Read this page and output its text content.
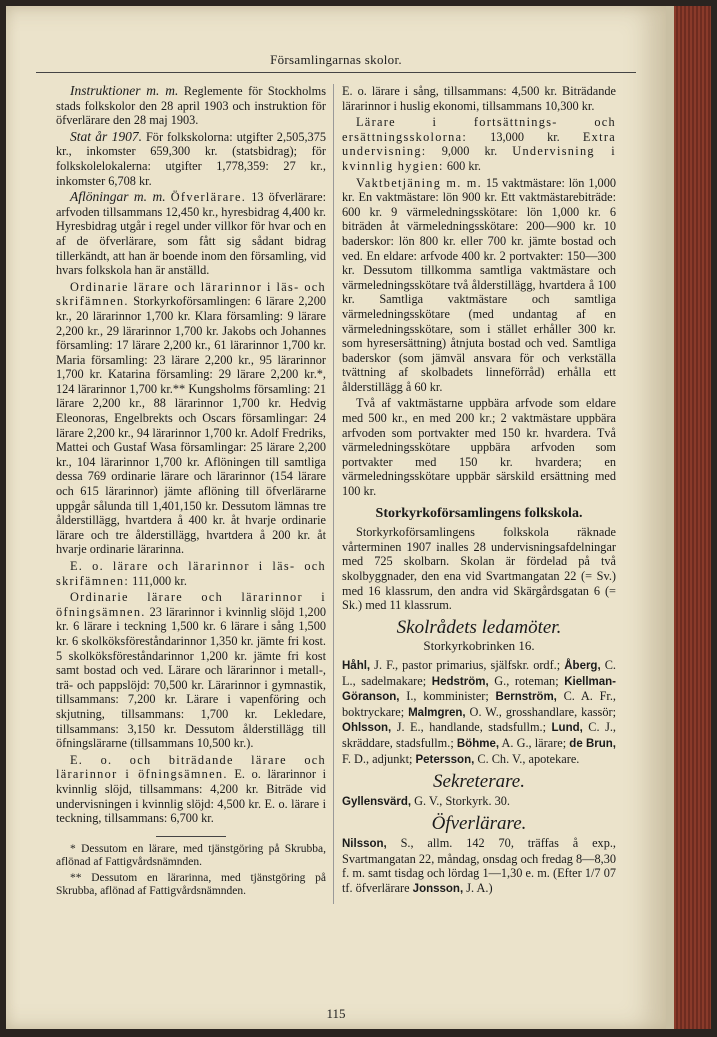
Församlingarnas skolor.

Instruktioner m. m. Reglemente för Stockholms stads folkskolor den 28 april 1903 och instruktion för öfverlärare den 28 maj 1903.

Stat år 1907. För folkskolorna: utgifter 2,505,375 kr., inkomster 659,300 kr. (statsbidrag); för folkskolelokalerna: utgifter 1,778,359: 27 kr., inkomster 6,708 kr.

Aflöningar m. m. Öfverlärare. 13 öfverlärare: arfvoden tillsammans 12,450 kr., hyresbidrag 4,400 kr. Hyresbidrag utgår i regel under villkor för hvar och en af de öfverlärare, som fått sig sådant bidrag tillerkändt, att han är boende inom den församling, vid hvars folkskola han är anställd.

Ordinarie lärare och lärarinnor i läs- och skrifämnen. Storkyrkoförsamlingen: 6 lärare 2,200 kr., 20 lärarinnor 1,700 kr. Klara församling: 9 lärare 2,200 kr., 29 lärarinnor 1,700 kr. Jakobs och Johannes församling: 17 lärare 2,200 kr., 61 lärarinnor 1,700 kr. Maria församling: 23 lärare 2,200 kr., 95 lärarinnor 1,700 kr. Katarina församling: 29 lärare 2,200 kr.*, 124 lärarinnor 1,700 kr.** Kungsholms församling: 21 lärare 2,200 kr., 88 lärarinnor 1,700 kr. Hedvig Eleonoras, Engelbrekts och Oscars församlingar: 24 lärare 2,200 kr., 94 lärarinnor 1,700 kr. Adolf Fredriks, Mattei och Gustaf Wasa församlingar: 25 lärare 2,200 kr., 104 lärarinnor 1,700 kr. Aflöningen till samtliga dessa 769 ordinarie lärare och lärarinnor (154 lärare och 615 lärarinnor) jämte aflöning till öfverlärarne uppgår sålunda till 1,401,150 kr. Dessutom lämnas tre ålderstillägg, hvartdera å 400 kr. åt hvarje ordinarie lärare och tre ålderstillägg, hvartdera å 200 kr. åt hvarje ordinarie lärarinna.

E. o. lärare och lärarinnor i läs- och skrifämnen: 111,000 kr.

Ordinarie lärare och lärarinnor i öfningsämnen. 23 lärarinnor i kvinnlig slöjd 1,200 kr. 6 lärare i teckning 1,500 kr. 6 lärare i sång 1,500 kr. 6 skolköksföreståndarinnor 1,350 kr. jämte fri kost. 5 skolköksföreståndarinnor 1,200 kr. jämte fri kost samt bostad och ved. Lärare och lärarinnor i metall-, trä- och pappslöjd: 70,500 kr. Lärarinnor i gymnastik, tillsammans: 7,200 kr. Lärare i vapenföring och skjutning, tillsammans: 1,700 kr. Lekledare, tillsammans: 3,150 kr. Dessutom ålderstillägg till öfningslärarne (tillsammans 10,500 kr.).

E. o. och biträdande lärare och lärarinnor i öfningsämnen. E. o. lärarinnor i kvinnlig slöjd, tillsammans: 4,200 kr. Biträde vid undervisningen i kvinnlig slöjd: 4,500 kr. E. o. lärare i teckning, tillsammans: 6,700 kr.

* Dessutom en lärare, med tjänstgöring på Skrubba, aflönad af Fattigvårdsnämnden.

** Dessutom en lärarinna, med tjänstgöring på Skrubba, aflönad af Fattigvårdsnämnden.

E. o. lärare i sång, tillsammans: 4,500 kr. Biträdande lärarinnor i huslig ekonomi, tillsammans 10,300 kr.

Lärare i fortsättnings- och ersättningsskolorna: 13,000 kr. Extra undervisning: 9,000 kr. Undervisning i kvinnlig hygien: 600 kr.

Vaktbetjäning m. m. 15 vaktmästare: lön 1,000 kr. En vaktmästare: lön 900 kr. Ett vaktmästarebiträde: 600 kr. 9 värmeledningsskötare: lön 1,000 kr. 6 biträden åt värmeledningsskötare: 200—900 kr. 10 baderskor: lön 800 kr. eller 700 kr. jämte bostad och ved. En eldare: arfvode 400 kr. 2 portvakter: 150—300 kr. Dessutom tillkomma samtliga vaktmästare och värmeledningsskötare två ålderstillägg, hvartdera å 100 kr. Samtliga vaktmästare och samtliga värmeledningsskötare (med undantag af en värmeledningsskötare, som i stället erhåller 300 kr. som hyresersättning) åtnjuta bostad och ved. Samtliga baderskor (som jämväl ansvara för och verkställa tvättning af skolbadets linneförråd) erhålla ett ålderstillägg å 60 kr.

Två af vaktmästarne uppbära arfvode som eldare med 500 kr., en med 200 kr.; 2 vaktmästare uppbära arfvoden som portvakter med 150 kr. hvardera. Två värmeledningsskötare uppbära arfvoden som portvakter med 150 kr. hvardera; en värmeledningsskötare uppbär särskild ersättning med 100 kr.

Storkyrkoförsamlingens folkskola.

Storkyrkoförsamlingens folkskola räknade vårterminen 1907 inalles 28 undervisningsafdelningar med 725 skolbarn. Skolan är fördelad på två skolbyggnader, den ena vid Svartmangatan 22 (= Sv.) med 16 klassrum, den andra vid Skärgårdsgatan 6 (= Sk.) med 11 klassrum.

Skolrådets ledamöter.

Storkyrkobrinken 16.

Håhl, J. F., pastor primarius, själfskr. ordf.; Åberg, C. L., sadelmakare; Hedström, G., roteman; Kiellman-Göranson, I., komminister; Bernström, C. A. Fr., boktryckare; Malmgren, O. W., grosshandlare, kassör; Ohlsson, J. E., handlande, stadsfullm.; Lund, C. J., skräddare, stadsfullm.; Böhme, A. G., lärare; de Brun, F. D., adjunkt; Petersson, C. Ch. V., apotekare.

Sekreterare.

Gyllensvärd, G. V., Storkyrk. 30.

Öfverlärare.

Nilsson, S., allm. 142 70, träffas å exp., Svartmangatan 22, måndag, onsdag och fredag 8—8,30 f. m. samt tisdag och lördag 1—1,30 e. m. (Efter 1/7 07 tf. öfverlärare Jonsson, J. A.)

115
